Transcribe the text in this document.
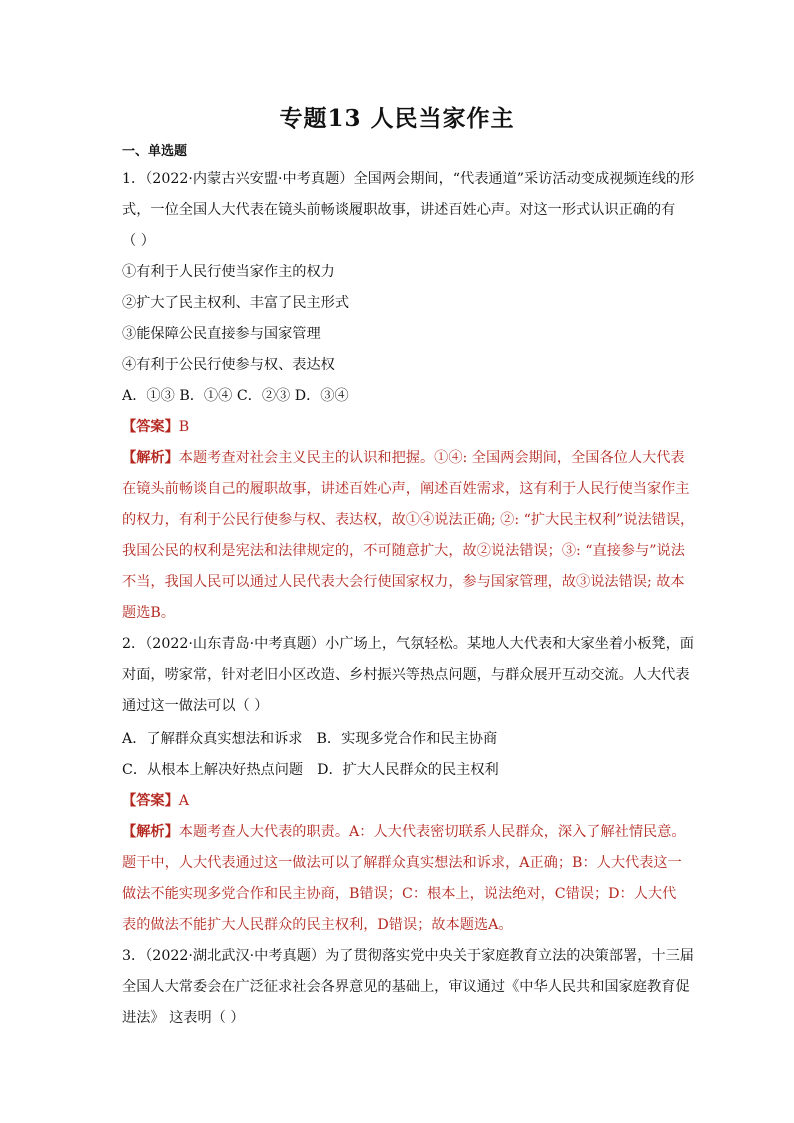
专题13 人民当家作主
一、单选题
1．（2022·内蒙古兴安盟·中考真题）全国两会期间，“代表通道”采访活动变成视频连线的形
式，一位全国人大代表在镜头前畅谈履职故事，讲述百姓心声。对这一形式认识正确的有
（ ）
①有利于人民行使当家作主的权力
②扩大了民主权利、丰富了民主形式
③能保障公民直接参与国家管理
④有利于公民行使参与权、表达权
A．①③ B．①④ C．②③ D．③④
【答案】B
【解析】本题考查对社会主义民主的认识和把握。①④: 全国两会期间，全国各位人大代表
在镜头前畅谈自己的履职故事，讲述百姓心声，阐述百姓需求，这有利于人民行使当家作主
的权力，有利于公民行使参与权、表达权，故①④说法正确; ②: “扩大民主权利”说法错误，
我国公民的权利是宪法和法律规定的，不可随意扩大，故②说法错误；③: “直接参与”说法
不当，我国人民可以通过人民代表大会行使国家权力，参与国家管理，故③说法错误; 故本
题选B。
2．（2022·山东青岛·中考真题）小广场上，气氛轻松。某地人大代表和大家坐着小板凳，面
对面，唠家常，针对老旧小区改造、乡村振兴等热点问题，与群众展开互动交流。人大代表
通过这一做法可以（ ）
A．了解群众真实想法和诉求 B．实现多党合作和民主协商
C．从根本上解决好热点问题 D．扩大人民群众的民主权利
【答案】A
【解析】本题考查人大代表的职责。A：人大代表密切联系人民群众，深入了解社情民意。
题干中，人大代表通过这一做法可以了解群众真实想法和诉求，A正确；B：人大代表这一
做法不能实现多党合作和民主协商，B错误；C：根本上，说法绝对，C错误；D：人大代
表的做法不能扩大人民群众的民主权利，D错误；故本题选A。
3．（2022·湖北武汉·中考真题）为了贯彻落实党中央关于家庭教育立法的决策部署，十三届
全国人大常委会在广泛征求社会各界意见的基础上，审议通过《中华人民共和国家庭教育促
进法》 这表明（ ）
